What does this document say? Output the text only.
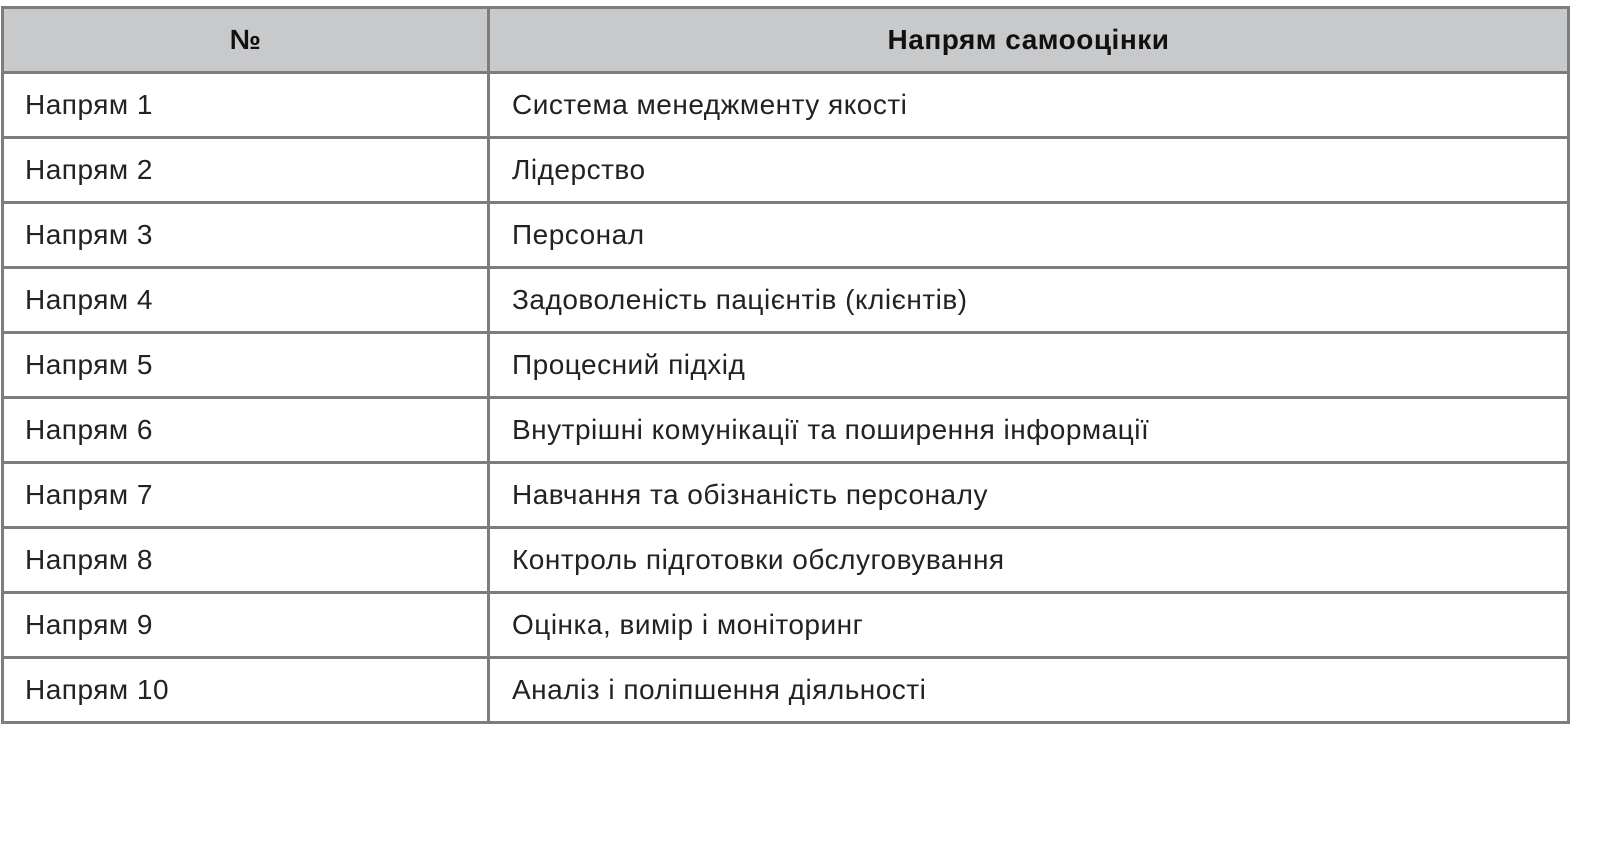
№	Напрям самооцінки
Напрям 1	Система менеджменту якості
Напрям 2	Лідерство
Напрям 3	Персонал
Напрям 4	Задоволеність пацієнтів (клієнтів)
Напрям 5	Процесний підхід
Напрям 6	Внутрішні комунікації та поширення інформації
Напрям 7	Навчання та обізнаність персоналу
Напрям 8	Контроль підготовки обслуговування
Напрям 9	Оцінка, вимір і моніторинг
Напрям 10	Аналіз і поліпшення діяльності
